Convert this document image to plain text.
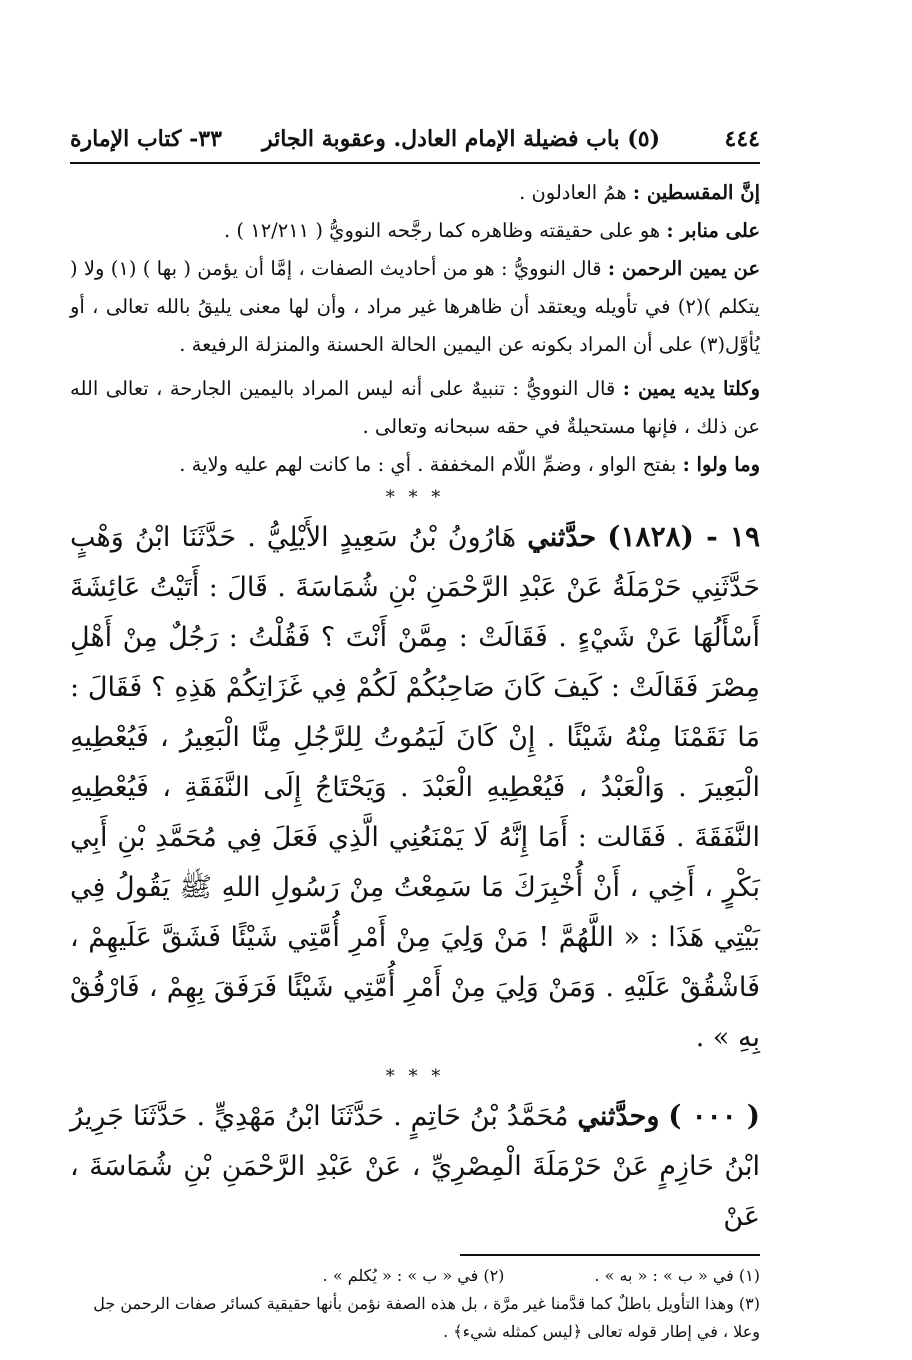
٤٤٤
(٥) باب فضيلة الإمام العادل. وعقوبة الجائر
٣٣- كتاب الإمارة

إنَّ المقسطين : همُ العادلون .

على منابر : هو على حقيقته وظاهره كما رجَّحه النوويُّ ( ١٢/٢١١ ) .

عن يمين الرحمن : قال النوويُّ : هو من أحاديث الصفات ، إمَّا أن يؤمن ( بها ) (١) ولا ( يتكلم )(٢) في تأويله ويعتقد أن ظاهرها غير مراد ، وأن لها معنى يليقُ بالله تعالى ، أو يُأوَّل(٣) على أن المراد بكونه عن اليمين الحالة الحسنة والمنزلة الرفيعة .

وكلتا يديه يمين : قال النوويُّ : تنبيهٌ على أنه ليس المراد باليمين الجارحة ، تعالى الله عن ذلك ، فإنها مستحيلةٌ في حقه سبحانه وتعالى .

وما ولوا : بفتح الواو ، وضمِّ اللّام المخففة . أي : ما كانت لهم عليه ولاية .

* * *

١٩ - (١٨٢٨) حدَّثني هَارُونُ بْنُ سَعِيدٍ الأَيْلِيُّ . حَدَّثَنَا ابْنُ وَهْبٍ حَدَّثَنِي حَرْمَلَةُ عَنْ عَبْدِ الرَّحْمَنِ بْنِ شُمَاسَةَ . قَالَ : أَتَيْتُ عَائِشَةَ أَسْأَلُهَا عَنْ شَيْءٍ . فَقَالَتْ : مِمَّنْ أَنْتَ ؟ فَقُلْتُ : رَجُلٌ مِنْ أَهْلِ مِصْرَ فَقَالَتْ : كَيفَ كَانَ صَاحِبُكُمْ لَكُمْ فِي غَزَاتِكُمْ هَذِهِ ؟ فَقَالَ : مَا نَقَمْنَا مِنْهُ شَيْئًا . إِنْ كَانَ لَيَمُوتُ لِلرَّجُلِ مِنَّا الْبَعِيرُ ، فَيُعْطِيهِ الْبَعِيرَ . وَالْعَبْدُ ، فَيُعْطِيهِ الْعَبْدَ . وَيَحْتَاجُ إِلَى النَّفَقَةِ ، فَيُعْطِيهِ النَّفَقَةَ . فَقَالت : أَمَا إِنَّهُ لَا يَمْنَعُنِي الَّذِي فَعَلَ فِي مُحَمَّدِ بْنِ أَبِي بَكْرٍ ، أَخِي ، أَنْ أُخْبِرَكَ مَا سَمِعْتُ مِنْ رَسُولِ اللهِ ﷺ يَقُولُ فِي بَيْتِي هَذَا : « اللَّهُمَّ ! مَنْ وَلِيَ مِنْ أَمْرِ أُمَّتِي شَيْئًا فَشَقَّ عَلَيهِمْ ، فَاشْقُقْ عَلَيْهِ . وَمَنْ وَلِيَ مِنْ أَمْرِ أُمَّتِي شَيْئًا فَرَفَقَ بِهِمْ ، فَارْفُقْ بِهِ » .

* * *

( ٠٠٠ ) وحدَّثني مُحَمَّدُ بْنُ حَاتِمٍ . حَدَّثَنَا ابْنُ مَهْدِيٍّ . حَدَّثَنَا جَرِيرُ ابْنُ حَازِمٍ عَنْ حَرْمَلَةَ الْمِصْرِيِّ ، عَنْ عَبْدِ الرَّحْمَنِ بْنِ شُمَاسَةَ ، عَنْ

(١) في « ب » : « به » .
(٢) في « ب » : « يُكلم » .

(٣) وهذا التأويل باطلٌ كما قدَّمنا غير مرَّة ، بل هذه الصفة نؤمن بأنها حقيقية كسائر صفات الرحمن جل وعلا ، في إطار قوله تعالى ﴿ليس كمثله شيء﴾ .
